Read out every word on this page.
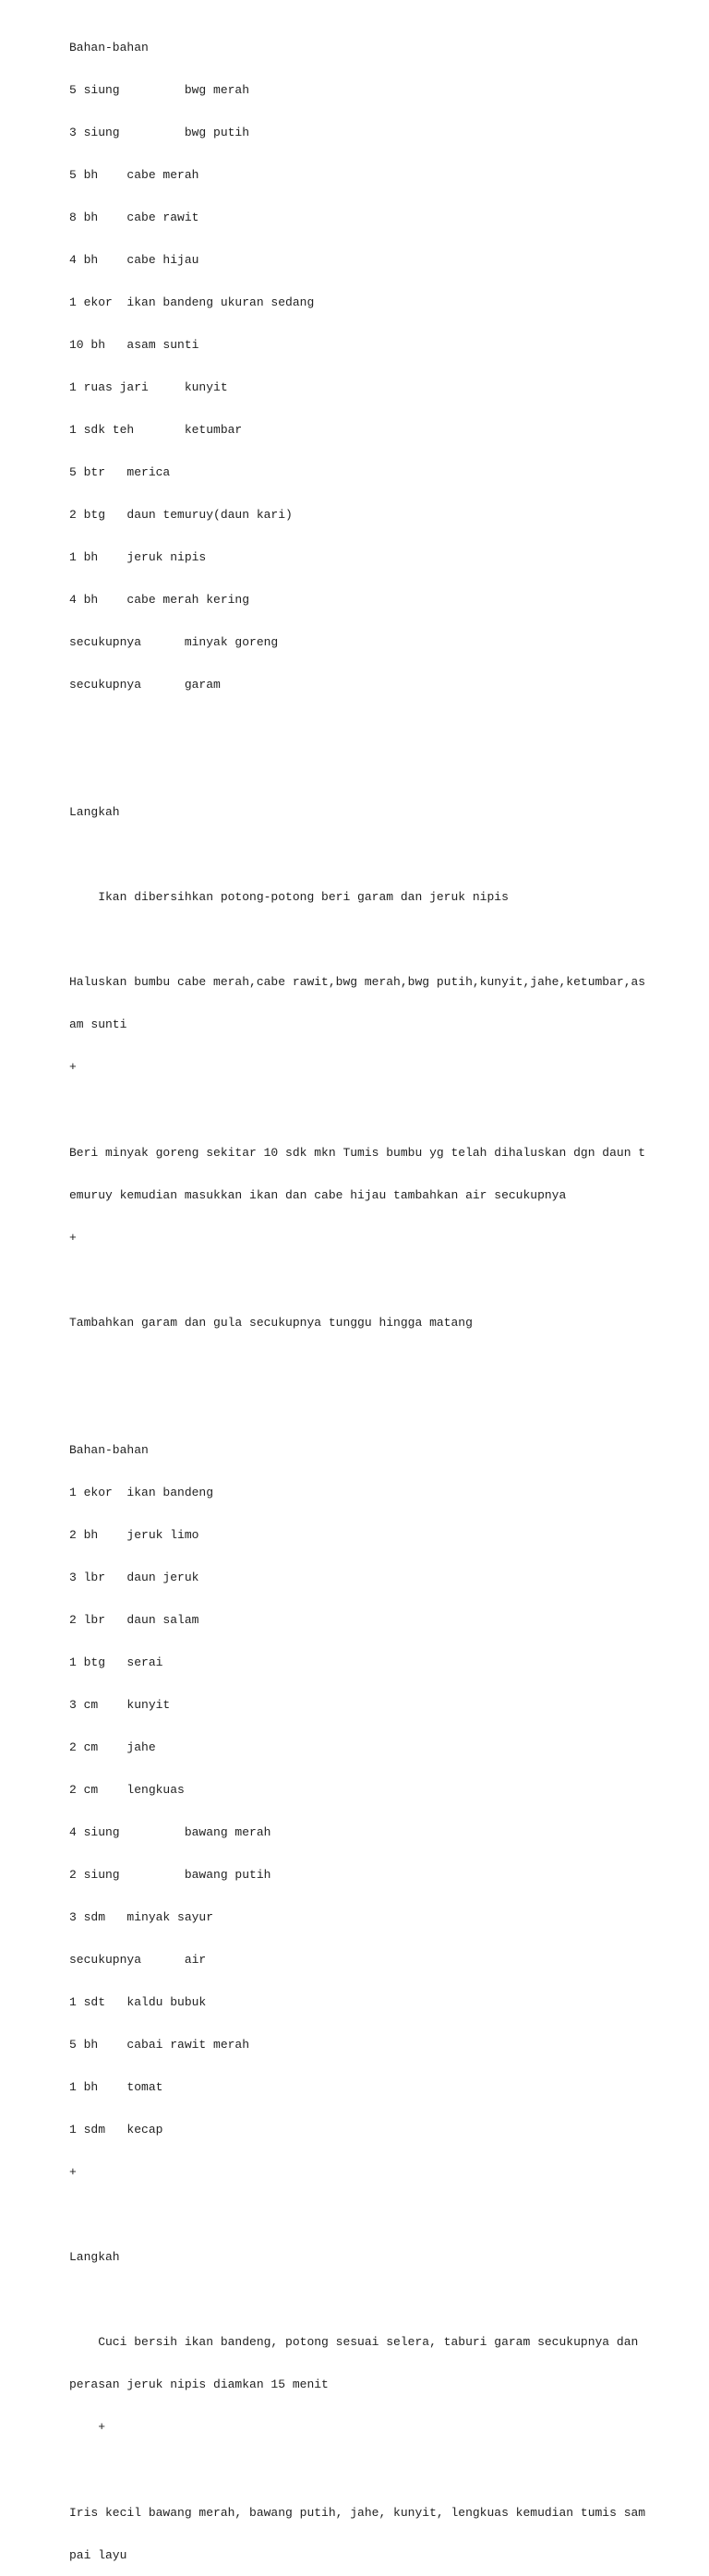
Bahan-bahan

5 siung         bwg merah

3 siung         bwg putih

5 bh    cabe merah

8 bh    cabe rawit

4 bh    cabe hijau

1 ekor  ikan bandeng ukuran sedang

10 bh   asam sunti

1 ruas jari     kunyit

1 sdk teh       ketumbar

5 btr   merica

2 btg   daun temuruy(daun kari)

1 bh    jeruk nipis

4 bh    cabe merah kering

secukupnya      minyak goreng

secukupnya      garam

Langkah

Ikan dibersihkan potong-potong beri garam dan jeruk nipis

Haluskan bumbu cabe merah,cabe rawit,bwg merah,bwg putih,kunyit,jahe,ketumbar,as

am sunti

+

Beri minyak goreng sekitar 10 sdk mkn Tumis bumbu yg telah dihaluskan dgn daun t

emuruy kemudian masukkan ikan dan cabe hijau tambahkan air secukupnya

+

Tambahkan garam dan gula secukupnya tunggu hingga matang

Bahan-bahan

1 ekor  ikan bandeng

2 bh    jeruk limo

3 lbr   daun jeruk

2 lbr   daun salam

1 btg   serai

3 cm    kunyit

2 cm    jahe

2 cm    lengkuas

4 siung         bawang merah

2 siung         bawang putih

3 sdm   minyak sayur

secukupnya      air

1 sdt   kaldu bubuk

5 bh    cabai rawit merah

1 bh    tomat

1 sdm   kecap

+

Langkah

Cuci bersih ikan bandeng, potong sesuai selera, taburi garam secukupnya dan

perasan jeruk nipis diamkan 15 menit

+

Iris kecil bawang merah, bawang putih, jahe, kunyit, lengkuas kemudian tumis sam

pai layu
